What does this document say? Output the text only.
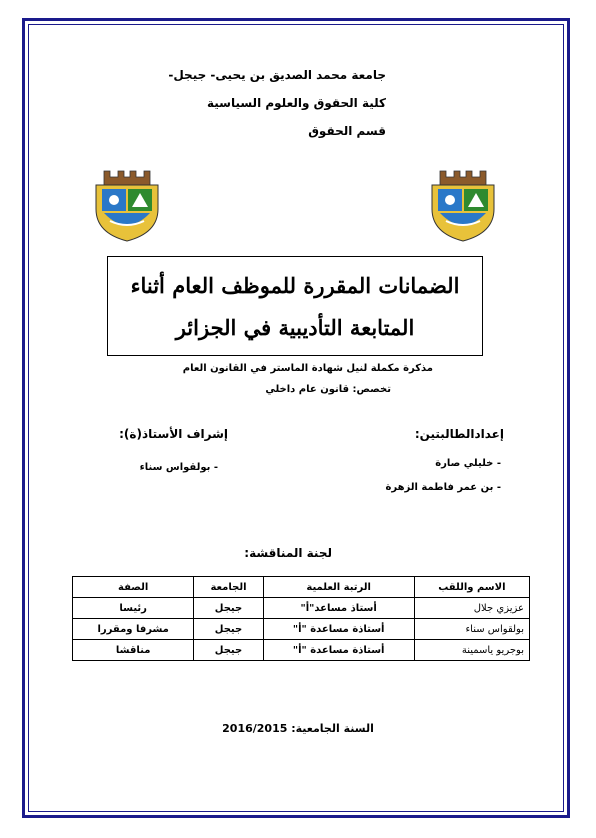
جامعة محمد الصديق بن يحيى- جيجل-
كلية الحقوق والعلوم السياسية
قسم الحقوق
الضمانات المقررة للموظف العام أثناء
المتابعة التأديبية في الجزائر
مذكرة مكملة لنيل شهادة الماستر في القانون العام
تخصص: قانون عام داخلي
إعدادالطالبتين:
- خليلي صارة
- بن عمر فاطمة الزهرة
إشراف الأستاذ(ة):
- بولقواس سناء
لجنة المناقشة:
الاسم واللقب	الرتبة العلمية	الجامعة	الصفة
عزيزي جلال	أستاذ مساعد"أ"	جيجل	رئيسا
بولقواس سناء	أستاذة مساعدة "أ"	جيجل	مشرفا ومقررا
بوجريو ياسمينة	أستاذة مساعدة "أ"	جيجل	مناقشا
السنة الجامعية: 2016/2015
